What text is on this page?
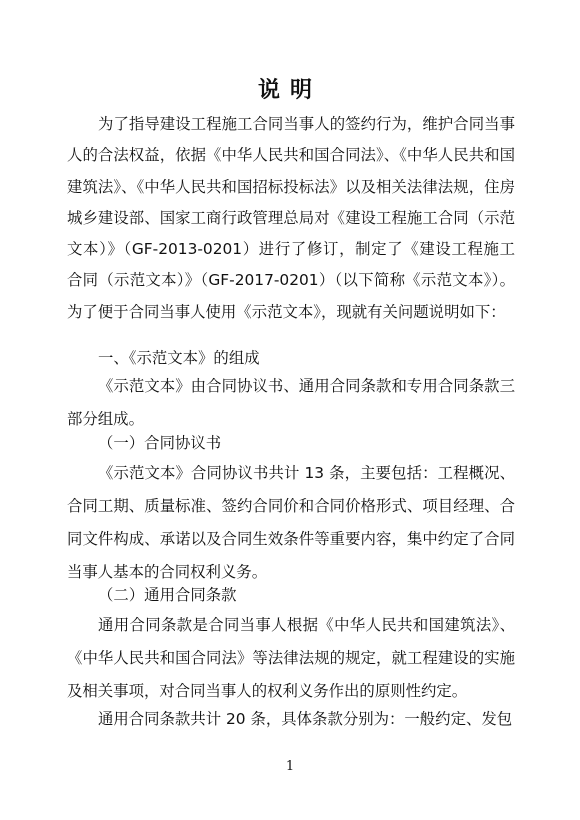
说明

为了指导建设工程施工合同当事人的签约行为，维护合同当事人的合法权益，依据《中华人民共和国合同法》、《中华人民共和国建筑法》、《中华人民共和国招标投标法》以及相关法律法规，住房城乡建设部、国家工商行政管理总局对《建设工程施工合同（示范文本）》（GF-2013-0201）进行了修订，制定了《建设工程施工合同（示范文本）》（GF-2017-0201）（以下简称《示范文本》）。为了便于合同当事人使用《示范文本》，现就有关问题说明如下：

一、《示范文本》的组成

《示范文本》由合同协议书、通用合同条款和专用合同条款三部分组成。

（一）合同协议书

《示范文本》合同协议书共计 13 条，主要包括：工程概况、合同工期、质量标准、签约合同价和合同价格形式、项目经理、合同文件构成、承诺以及合同生效条件等重要内容，集中约定了合同当事人基本的合同权利义务。

（二）通用合同条款

通用合同条款是合同当事人根据《中华人民共和国建筑法》、《中华人民共和国合同法》等法律法规的规定，就工程建设的实施及相关事项，对合同当事人的权利义务作出的原则性约定。

通用合同条款共计 20 条，具体条款分别为：一般约定、发包

1
